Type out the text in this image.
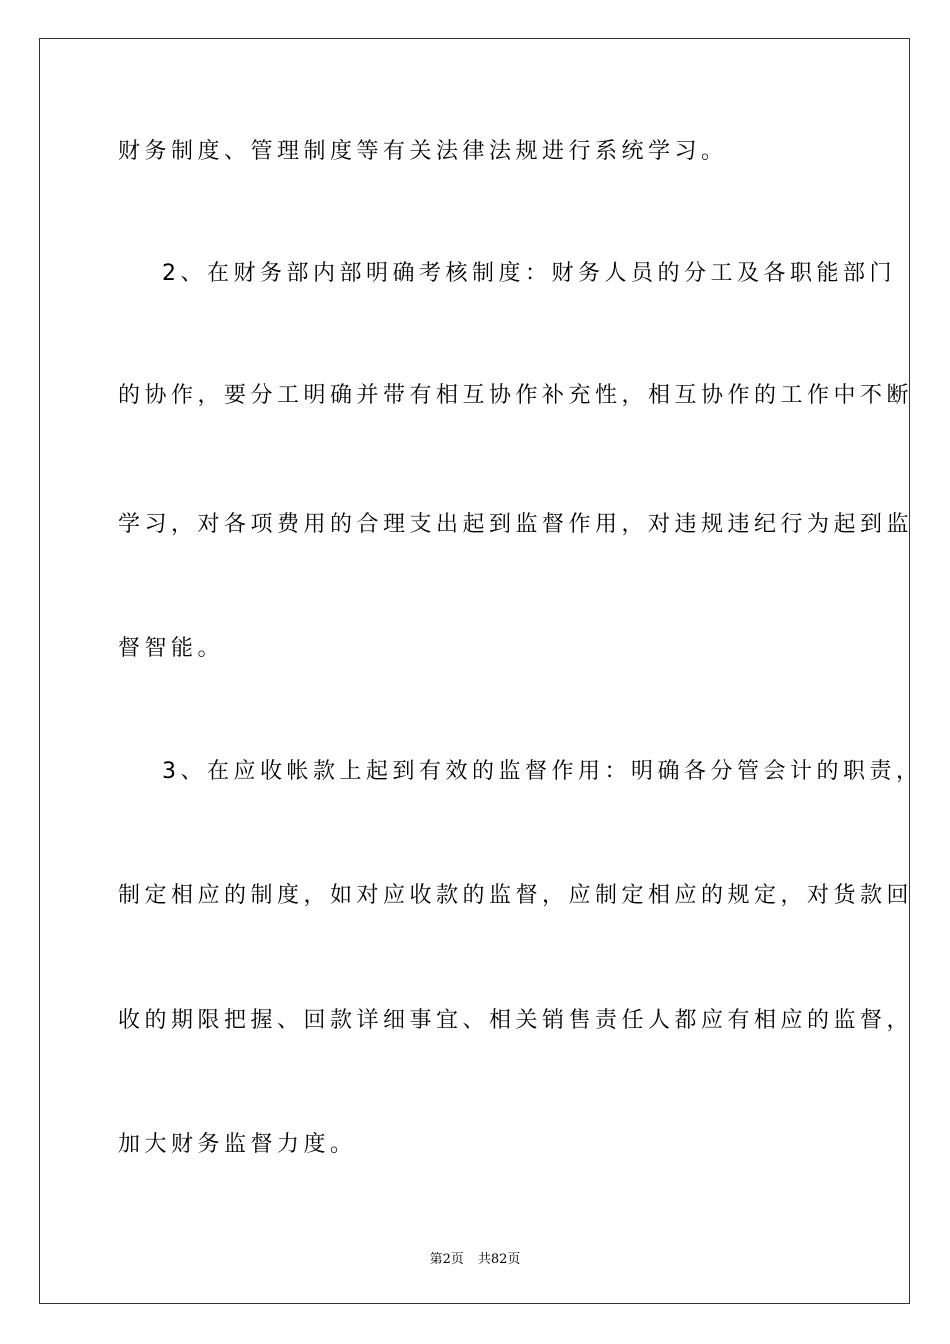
财务制度、管理制度等有关法律法规进行系统学习。
2、在财务部内部明确考核制度：财务人员的分工及各职能部门
的协作，要分工明确并带有相互协作补充性，相互协作的工作中不断
学习，对各项费用的合理支出起到监督作用，对违规违纪行为起到监
督智能。
3、在应收帐款上起到有效的监督作用：明确各分管会计的职责，
制定相应的制度，如对应收款的监督，应制定相应的规定，对货款回
收的期限把握、回款详细事宜、相关销售责任人都应有相应的监督，
加大财务监督力度。
第2页 共82页
